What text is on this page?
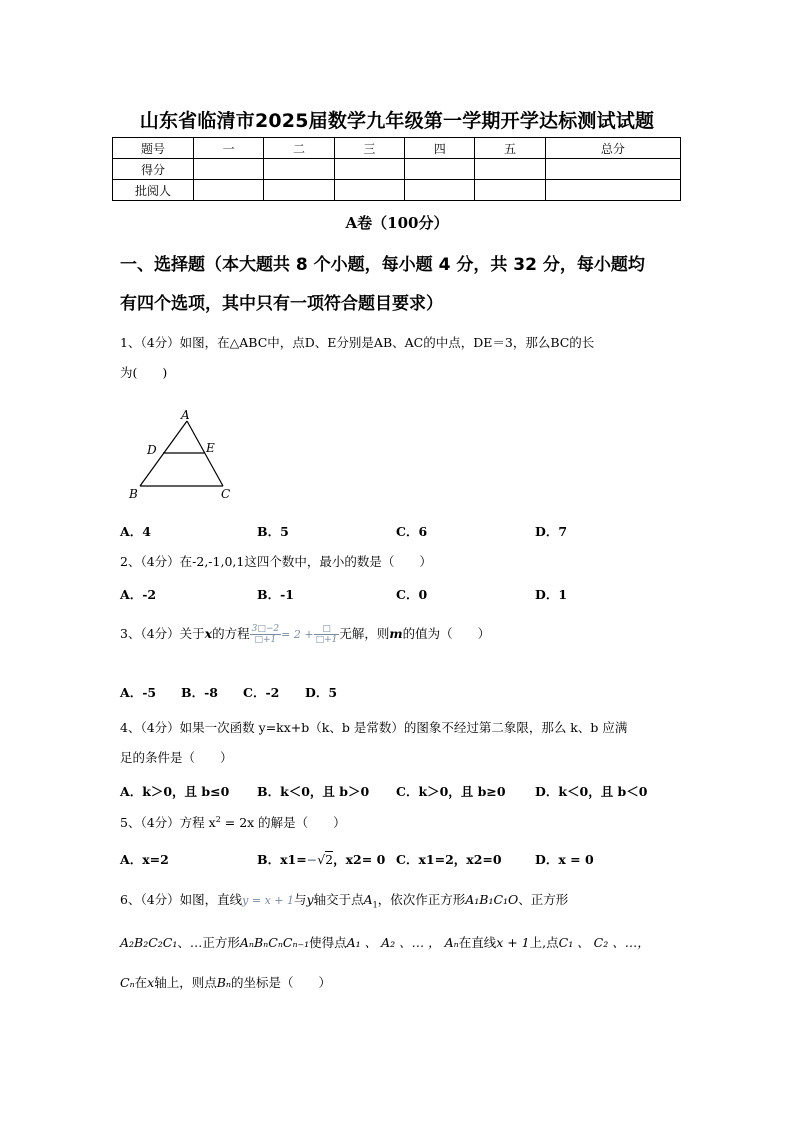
山东省临清市2025届数学九年级第一学期开学达标测试试题
题号	一	二	三	四	五	总分
得分						
批阅人						
A卷（100分）
一、选择题（本大题共 8 个小题，每小题 4 分，共 32 分，每小题均
有四个选项，其中只有一项符合题目要求）
1、（4分）如图，在△ABC中，点D、E分别是AB、AC的中点，DE＝3，那么BC的长
为(　　)
A
D	E
B	C
A．4	B．5	C．6	D．7
2、（4分）在-2,-1,0,1这四个数中，最小的数是（　　）
A．-2	B．-1	C．0	D．1
3、（4分）关于x的方程 $\frac{3□-2}{□+1} = 2 + \frac{□}{□+1}$ 无解，则m的值为（　　）
A．-5 B．-8 C．-2 D．5
4、（4分）如果一次函数 y=kx+b（k、b 是常数）的图象不经过第二象限，那么 k、b 应满
足的条件是（　　）
A．k＞0，且 b≤0 B．k＜0，且 b＞0 C．k＞0，且 b≥0 D．k＜0，且 b＜0
5、（4分）方程 $x^2 = 2x$ 的解是（　　）
A．x=2	B．x1=−√2，x2= 0 C．x1=2，x2=0	D．x = 0
6、（4分）如图，直线y = x + 1与y轴交于点$A_1$，依次作正方形A₁B₁C₁O、正方形
A₂B₂C₂C₁、…正方形AₙBₙCₙCₙ₋₁使得点A₁ 、 A₂ 、… ， Aₙ在直线x + 1上,点C₁ 、 C₂ 、…，
Cₙ在x轴上，则点Bₙ的坐标是（　　）
